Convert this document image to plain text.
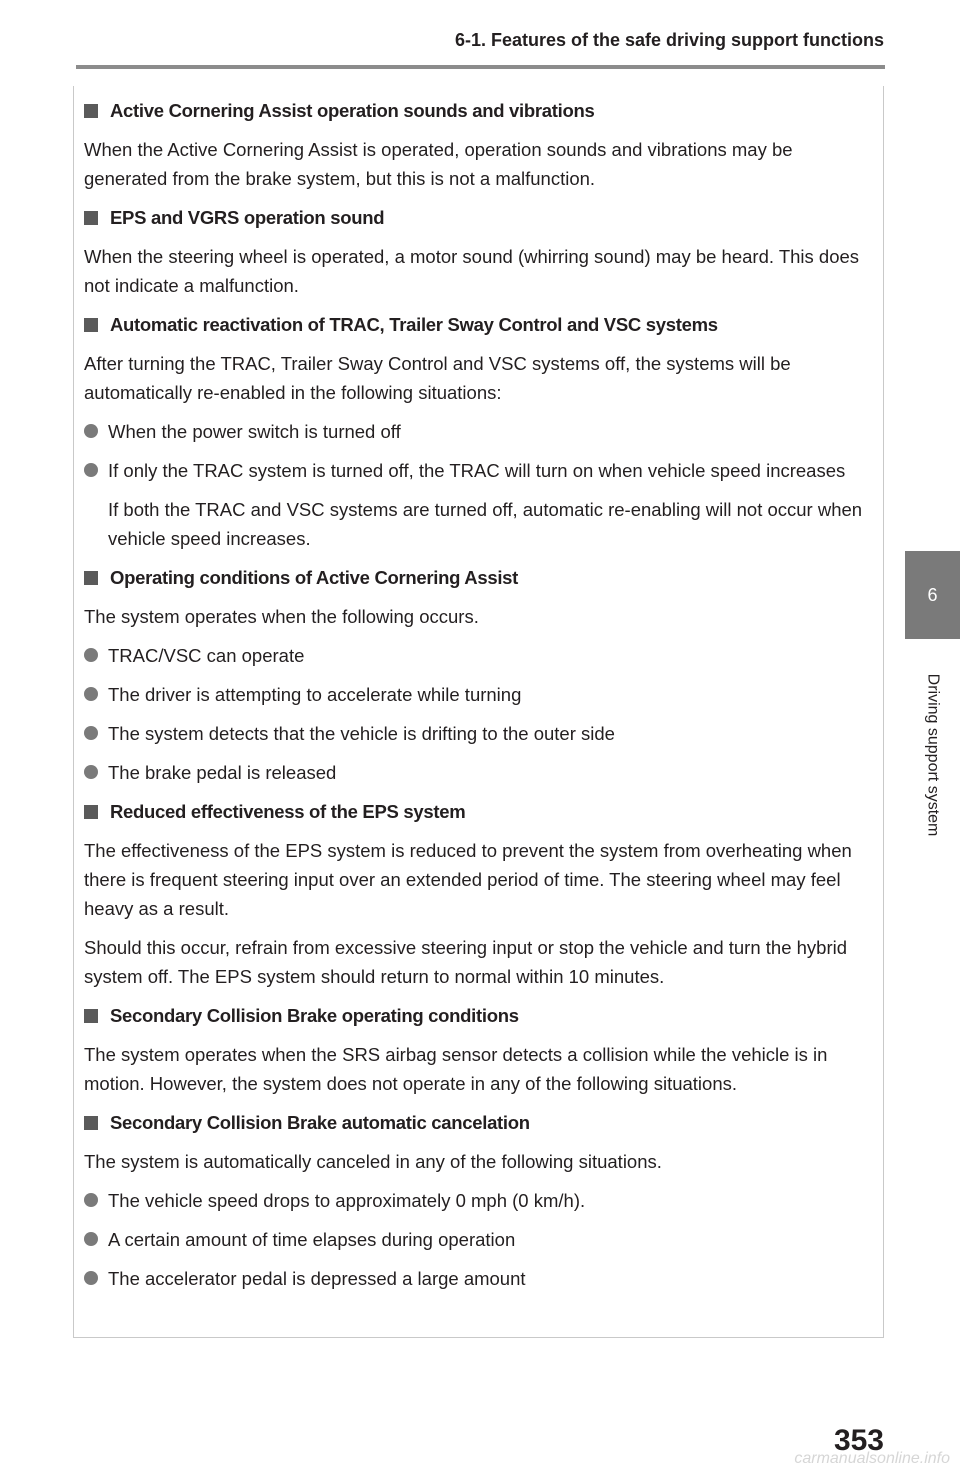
6-1. Features of the safe driving support functions
Active Cornering Assist operation sounds and vibrations

When the Active Cornering Assist is operated, operation sounds and vibrations may be generated from the brake system, but this is not a malfunction.

EPS and VGRS operation sound

When the steering wheel is operated, a motor sound (whirring sound) may be heard. This does not indicate a malfunction.

Automatic reactivation of TRAC, Trailer Sway Control and VSC systems

After turning the TRAC, Trailer Sway Control and VSC systems off, the systems will be automatically re-enabled in the following situations:

When the power switch is turned off
If only the TRAC system is turned off, the TRAC will turn on when vehicle speed increases
If both the TRAC and VSC systems are turned off, automatic re-enabling will not occur when vehicle speed increases.
Operating conditions of Active Cornering Assist

The system operates when the following occurs.

TRAC/VSC can operate
The driver is attempting to accelerate while turning
The system detects that the vehicle is drifting to the outer side
The brake pedal is released
Reduced effectiveness of the EPS system

The effectiveness of the EPS system is reduced to prevent the system from overheating when there is frequent steering input over an extended period of time. The steering wheel may feel heavy as a result.

Should this occur, refrain from excessive steering input or stop the vehicle and turn the hybrid system off. The EPS system should return to normal within 10 minutes.

Secondary Collision Brake operating conditions

The system operates when the SRS airbag sensor detects a collision while the vehicle is in motion. However, the system does not operate in any of the following situations.

Secondary Collision Brake automatic cancelation

The system is automatically canceled in any of the following situations.

The vehicle speed drops to approximately 0 mph (0 km/h).
A certain amount of time elapses during operation
The accelerator pedal is depressed a large amount
6
Driving support system
353
carmanualsonline.info
